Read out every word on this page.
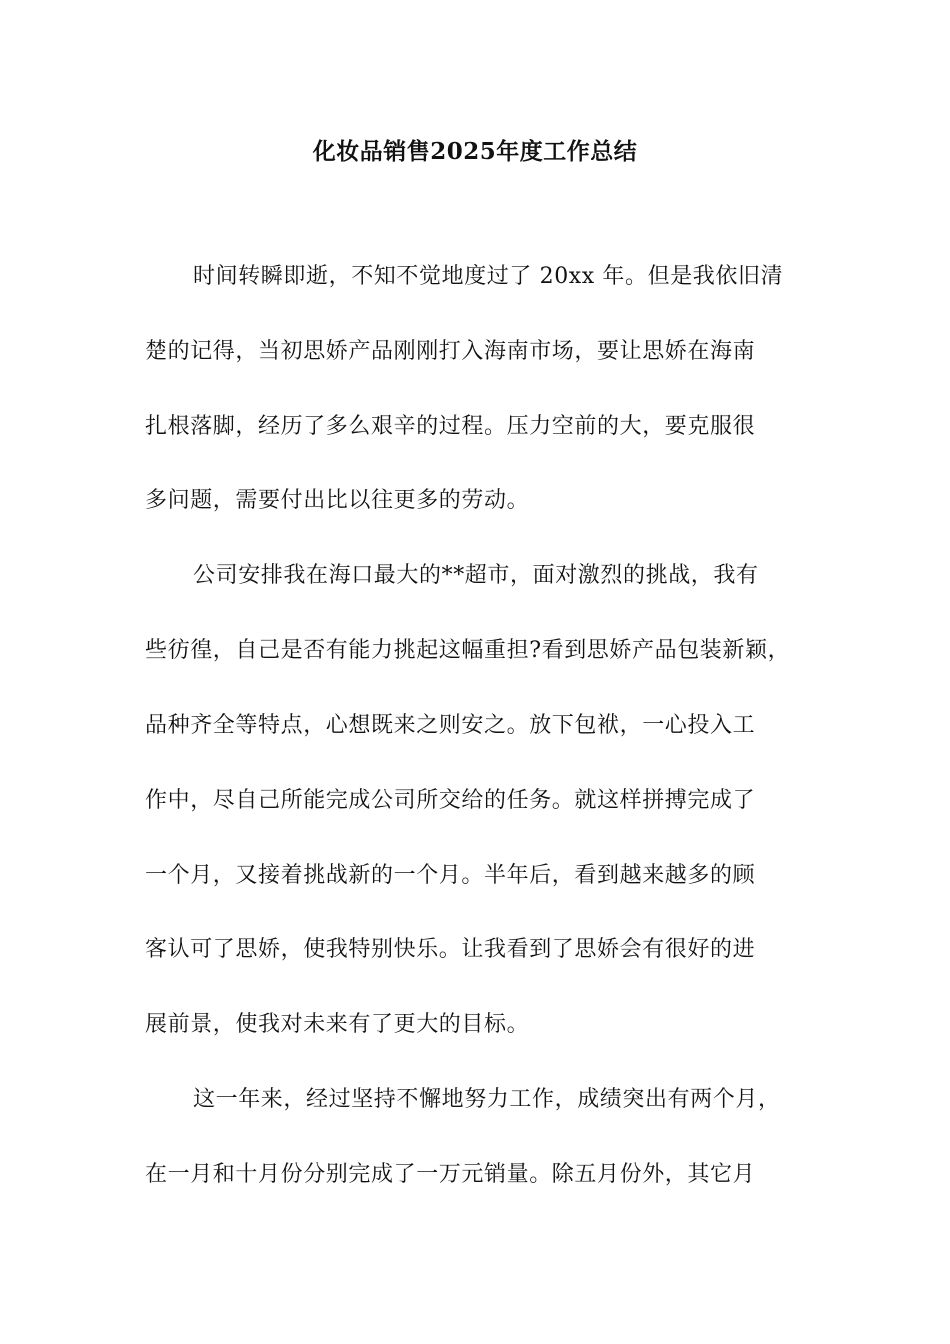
化妆品销售2025年度工作总结
时间转瞬即逝，不知不觉地度过了 20xx 年。但是我依旧清
楚的记得，当初思娇产品刚刚打入海南市场，要让思娇在海南
扎根落脚，经历了多么艰辛的过程。压力空前的大，要克服很
多问题，需要付出比以往更多的劳动。
公司安排我在海口最大的**超市，面对激烈的挑战，我有
些彷徨，自己是否有能力挑起这幅重担?看到思娇产品包装新颖，
品种齐全等特点，心想既来之则安之。放下包袱，一心投入工
作中，尽自己所能完成公司所交给的任务。就这样拼搏完成了
一个月，又接着挑战新的一个月。半年后，看到越来越多的顾
客认可了思娇，使我特别快乐。让我看到了思娇会有很好的进
展前景，使我对未来有了更大的目标。
这一年来，经过坚持不懈地努力工作，成绩突出有两个月，
在一月和十月份分别完成了一万元销量。除五月份外，其它月
